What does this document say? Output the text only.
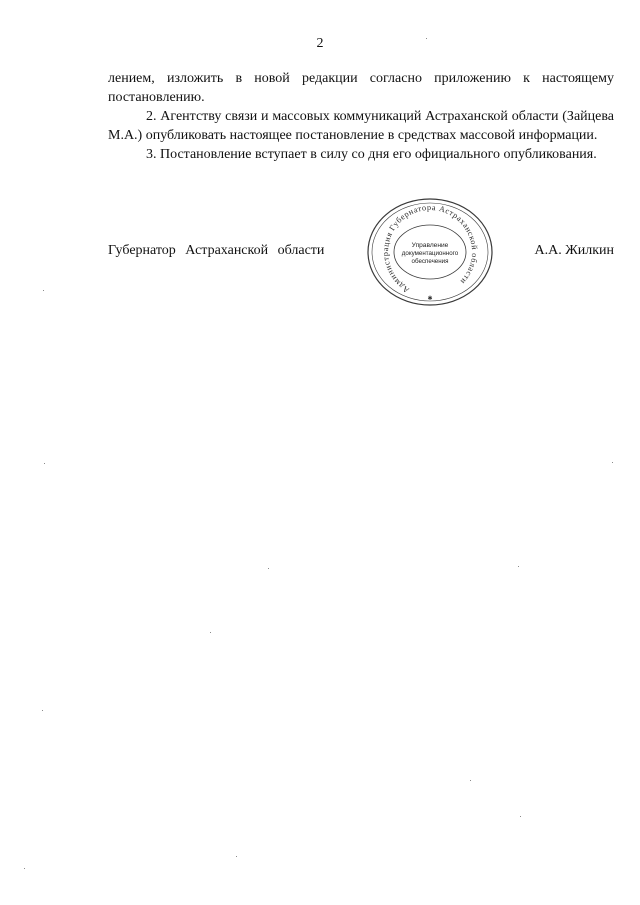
2

лением, изложить в новой редакции согласно приложению к настоящему постановлению.

2. Агентству связи и массовых коммуникаций Астраханской области (Зайцева М.А.) опубликовать настоящее постановление в средствах массовой информации.

3. Постановление вступает в силу со дня его официального опубликования.

Губернатор Астраханской области	А.А. Жилкин
Администрация Губернатора Астраханской области
Управление
документационного
обеспечения
✱
